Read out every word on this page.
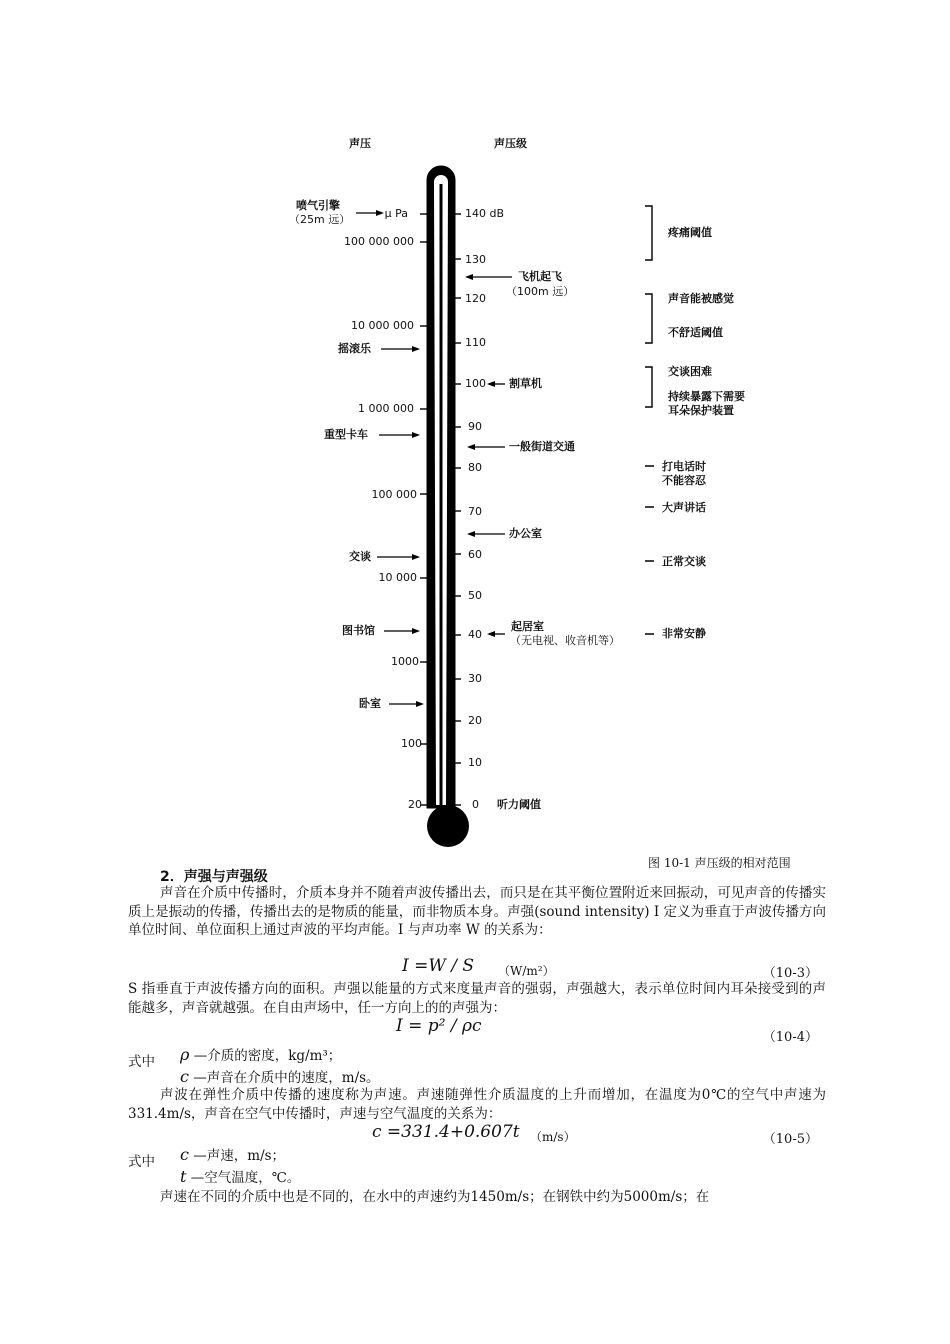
声压	声压级
μ Pa
100 000 000
10 000 000
1 000 000
100 000
10 000
1000
100
20
140 dB
130
120
110
100
90
80
70
60
50
40
30
20
10
0
喷气引擎
（25m 远）
摇滚乐
重型卡车
交谈
图书馆
卧室
飞机起飞
（100m 远）
割草机
一般街道交通
办公室
起居室
（无电视、收音机等）
听力阈值
疼痛阈值
声音能被感觉
不舒适阈值
交谈困难
持续暴露下需要
耳朵保护装置
打电话时
不能容忍
大声讲话
正常交谈
非常安静
图 10-1 声压级的相对范围
2．声强与声强级
声音在介质中传播时，介质本身并不随着声波传播出去，而只是在其平衡位置附近来回振动，可见声音的传播实质上是振动的传播，传播出去的是物质的能量，而非物质本身。声强(sound intensity) I 定义为垂直于声波传播方向单位时间、单位面积上通过声波的平均声能。I 与声功率 W 的关系为：
I =W / S （W/m²）	（10-3）
S 指垂直于声波传播方向的面积。声强以能量的方式来度量声音的强弱，声强越大，表示单位时间内耳朵接受到的声能越多，声音就越强。在自由声场中，任一方向上的的声强为：
I = p² / ρc
（10-4）
式中 ρ —介质的密度，kg/m³；
c —声音在介质中的速度，m/s。
声波在弹性介质中传播的速度称为声速。声速随弹性介质温度的上升而增加，在温度为0℃的空气中声速为331.4m/s，声音在空气中传播时，声速与空气温度的关系为：
c =331.4+0.607t （m/s）	（10-5）
式中 c —声速，m/s；
t —空气温度，℃。
声速在不同的介质中也是不同的，在水中的声速约为1450m/s；在钢铁中约为5000m/s；在
